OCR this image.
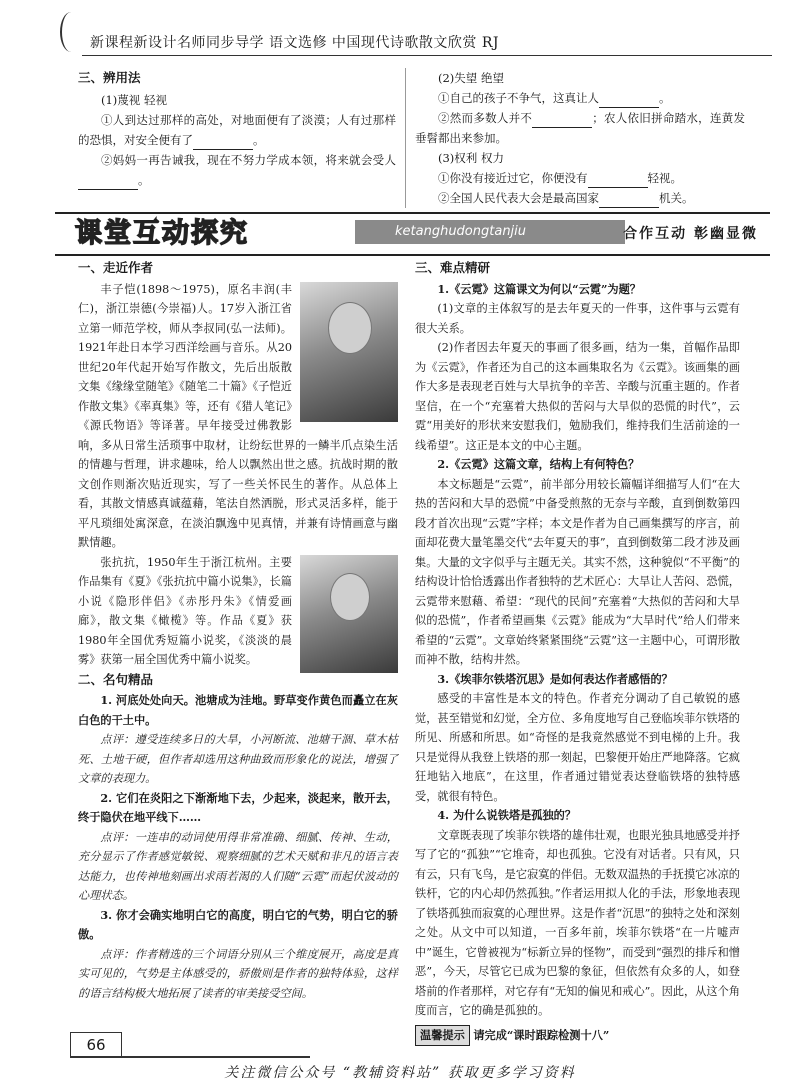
新课程新设计名师同步导学 语文选修 中国现代诗歌散文欣赏 RJ
三、辨用法

(1)蔑视 轻视

①人到达过那样的高处，对地面便有了淡漠；人有过那样的恐惧，对安全便有了	。

②妈妈一再告诫我，现在不努力学成本领，将来就会受人。

(2)失望 绝望

①自己的孩子不争气，这真让人	。

②然而多数人并不	；农人依旧拼命踏水，连黄发垂髫都出来参加。

(3)权利 权力

①你没有接近过它，你便没有	轻视。

②全国人民代表大会是最高国家	机关。

课堂互动探究	ketanghudongtanjiu	合作互动 彰幽显微
一、走近作者

丰子恺(1898～1975)，原名丰润(丰仁)，浙江崇德(今崇福)人。17岁入浙江省立第一师范学校，师从李叔同(弘一法师)。1921年赴日本学习西洋绘画与音乐。从20世纪20年代起开始写作散文，先后出版散文集《缘缘堂随笔》《随笔二十篇》《子恺近作散文集》《率真集》等，还有《猎人笔记》《源氏物语》等译著。早年接受过佛教影响，多从日常生活琐事中取材，让纷纭世界的一鳞半爪点染生活的情趣与哲理，讲求趣味，给人以飘然出世之感。抗战时期的散文创作则渐次贴近现实，写了一些关怀民生的著作。从总体上看，其散文情感真诚蕴藉，笔法自然洒脱，形式灵活多样，能于平凡琐细处寓深意，在淡泊飘逸中见真情，并兼有诗情画意与幽默情趣。

张抗抗，1950年生于浙江杭州。主要作品集有《夏》《张抗抗中篇小说集》，长篇小说《隐形伴侣》《赤彤丹朱》《情爱画廊》，散文集《橄榄》等。作品《夏》获1980年全国优秀短篇小说奖，《淡淡的晨雾》获第一届全国优秀中篇小说奖。

二、名句精品

1. 河底处处向天。池塘成为洼地。野草变作黄色而矗立在灰白色的干土中。

点评：遵受连续多日的大旱，小河断流、池塘干涸、草木枯死、土地干硬，但作者却选用这种曲致而形象化的说法，增强了文章的表现力。

2. 它们在炎阳之下渐渐地下去，少起来，淡起来，散开去，终于隐伏在地平线下……

点评：一连串的动词使用得非常准确、细腻、传神、生动，充分显示了作者感觉敏锐、观察细腻的艺术天赋和非凡的语言表达能力，也传神地刻画出求雨若渴的人们随“云霓”而起伏波动的心理状态。

3. 你才会确实地明白它的高度，明白它的气势，明白它的骄傲。

点评：作者精选的三个词语分别从三个维度展开，高度是真实可见的，气势是主体感受的，骄傲则是作者的独特体验，这样的语言结构极大地拓展了读者的审美接受空间。

三、难点精研

1.《云霓》这篇课文为何以“云霓”为题？

(1)文章的主体叙写的是去年夏天的一件事，这件事与云霓有很大关系。

(2)作者因去年夏天的事画了很多画，结为一集，首幅作品即为《云霓》，作者还为自己的这本画集取名为《云霓》。该画集的画作大多是表现老百姓与大旱抗争的辛苦、辛酸与沉重主题的。作者坚信，在一个“充塞着大热似的苦闷与大旱似的恐慌的时代”，云霓“用美好的形状来安慰我们，勉励我们，维持我们生活前途的一线希望”。这正是本文的中心主题。

2.《云霓》这篇文章，结构上有何特色？

本文标题是“云霓”，前半部分用较长篇幅详细描写人们“在大热的苦闷和大旱的恐慌”中备受煎熬的无奈与辛酸，直到倒数第四段才首次出现“云霓”字样；本文是作者为自己画集撰写的序言，前面却花费大量笔墨交代“去年夏天的事”，直到倒数第二段才涉及画集。大量的文字似乎与主题无关。其实不然，这种貌似“不平衡”的结构设计恰恰透露出作者独特的艺术匠心：大旱让人苦闷、恐慌，云霓带来慰藉、希望：“现代的民间”充塞着“大热似的苦闷和大旱似的恐慌”，作者希望画集《云霓》能成为“大旱时代”给人们带来希望的“云霓”。文章始终紧紧围绕“云霓”这一主题中心，可谓形散而神不散，结构井然。

3.《埃菲尔铁塔沉思》是如何表达作者感悟的？

感受的丰富性是本文的特色。作者充分调动了自己敏锐的感觉，甚至错觉和幻觉，全方位、多角度地写自己登临埃菲尔铁塔的所见、所感和所思。如“奇怪的是我竟然感觉不到电梯的上升。我只是觉得从我登上铁塔的那一刻起，巴黎便开始庄严地降落。它疯狂地钻入地底”，在这里，作者通过错觉表达登临铁塔的独特感受，就很有特色。

4. 为什么说铁塔是孤独的？

文章既表现了埃菲尔铁塔的雄伟壮观，也眼光独具地感受并抒写了它的“孤独”“它堆奇，却也孤独。它没有对话者。只有风，只有云，只有飞鸟，是它寂寞的伴侣。无数双温热的手抚摸它冰凉的铁杆，它的内心却仍然孤独。”作者运用拟人化的手法，形象地表现了铁塔孤独而寂寞的心理世界。这是作者“沉思”的独特之处和深刻之处。从文中可以知道，一百多年前，埃菲尔铁塔“在一片嘘声中”诞生，它曾被视为“标新立异的怪物”，而受到“强烈的排斥和憎恶”，今天，尽管它已成为巴黎的象征，但依然有众多的人，如登塔前的作者那样，对它存有“无知的偏见和戒心”。因此，从这个角度而言，它的确是孤独的。

温馨提示 请完成“课时跟踪检测十八”
66
关注微信公众号 “教辅资料站” 获取更多学习资料
